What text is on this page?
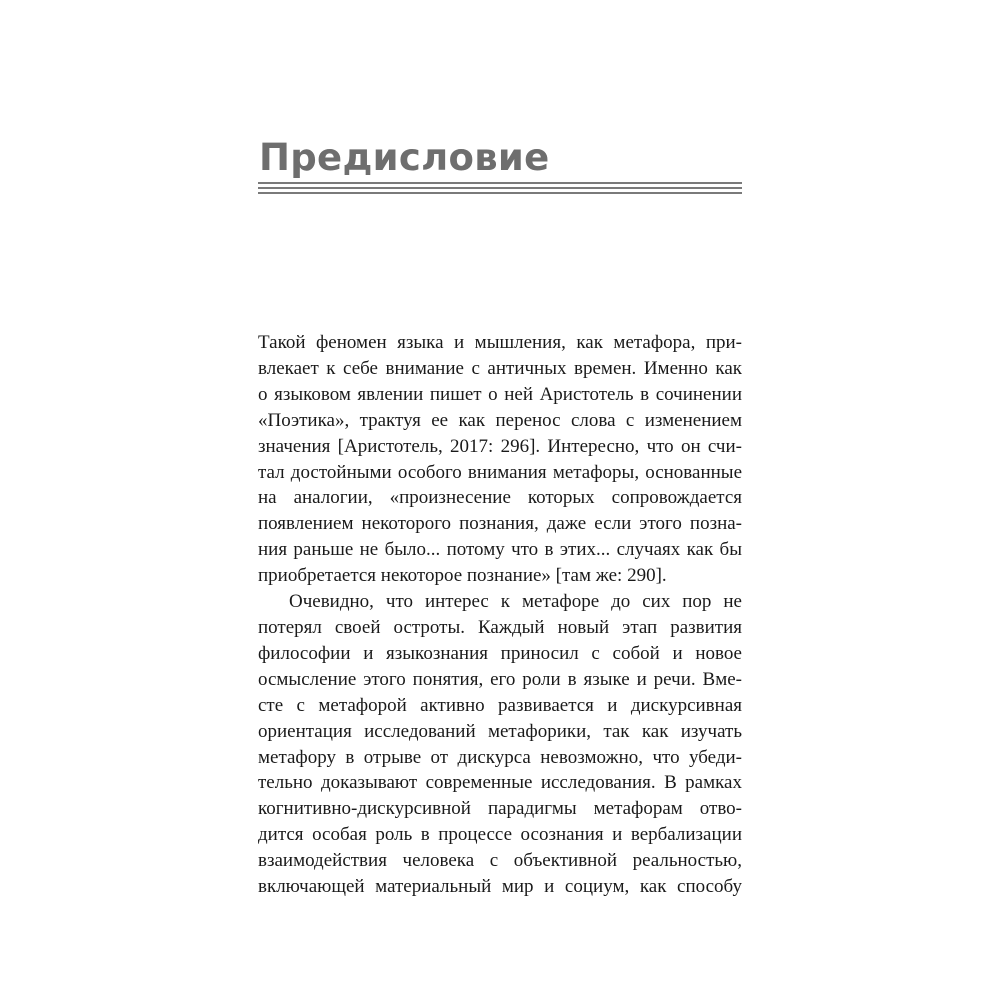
Предисловие

Такой феномен языка и мышления, как метафора, при-
влекает к себе внимание с античных времен. Именно как
о языковом явлении пишет о ней Аристотель в сочинении
«Поэтика», трактуя ее как перенос слова с изменением
значения [Аристотель, 2017: 296]. Интересно, что он счи-
тал достойными особого внимания метафоры, основанные
на аналогии, «произнесение которых сопровождается
появлением некоторого познания, даже если этого позна-
ния раньше не было... потому что в этих... случаях как бы
приобретается некоторое познание» [там же: 290].

Очевидно, что интерес к метафоре до сих пор не
потерял своей остроты. Каждый новый этап развития
философии и языкознания приносил с собой и новое
осмысление этого понятия, его роли в языке и речи. Вме-
сте с метафорой активно развивается и дискурсивная
ориентация исследований метафорики, так как изучать
метафору в отрыве от дискурса невозможно, что убеди-
тельно доказывают современные исследования. В рамках
когнитивно-дискурсивной парадигмы метафорам отво-
дится особая роль в процессе осознания и вербализации
взаимодействия человека с объективной реальностью,
включающей материальный мир и социум, как способу
